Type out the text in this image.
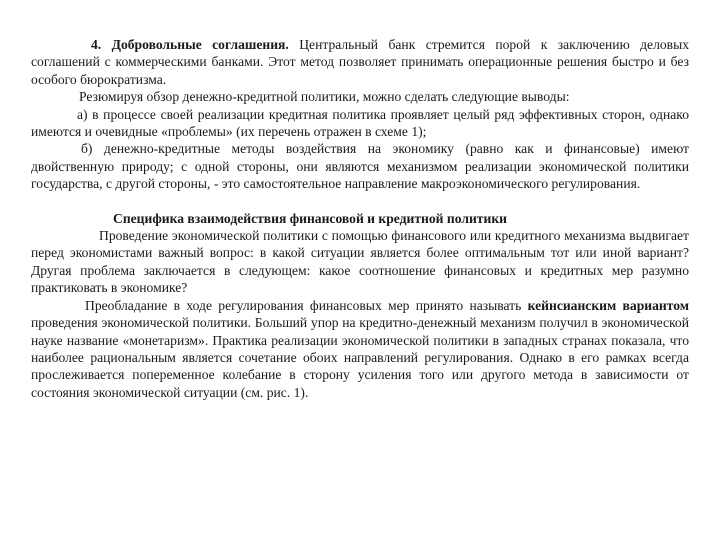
4. Добровольные соглашения. Центральный банк стремится порой к заключению деловых соглашений с коммерческими банками. Этот метод позволяет принимать операционные решения быстро и без особого бюрократизма.

Резюмируя обзор денежно-кредитной политики, можно сделать следующие выводы:

а) в процессе своей реализации кредитная политика проявляет целый ряд эффективных сторон, однако имеются и очевидные «проблемы» (их перечень отражен в схеме 1);

б) денежно-кредитные методы воздействия на экономику (равно как и финансовые) имеют двойственную природу; с одной стороны, они являются механизмом реализации экономической политики государства, с другой стороны, - это самостоятельное направление макроэкономического регулирования.

Специфика взаимодействия финансовой и кредитной политики

Проведение экономической политики с помощью финансового или кредитного механизма выдвигает перед экономистами важный вопрос: в какой ситуации является более оптимальным тот или иной вариант? Другая проблема заключается в следующем: какое соотношение финансовых и кредитных мер разумно практиковать в экономике?

Преобладание в ходе регулирования финансовых мер принято называть кейнсианским вариантом проведения экономической политики. Больший упор на кредитно-денежный механизм получил в экономической науке название «монетаризм». Практика реализации экономической политики в западных странах показала, что наиболее рациональным является сочетание обоих направлений регулирования. Однако в его рамках всегда прослеживается попеременное колебание в сторону усиления того или другого метода в зависимости от состояния экономической ситуации (см. рис. 1).
